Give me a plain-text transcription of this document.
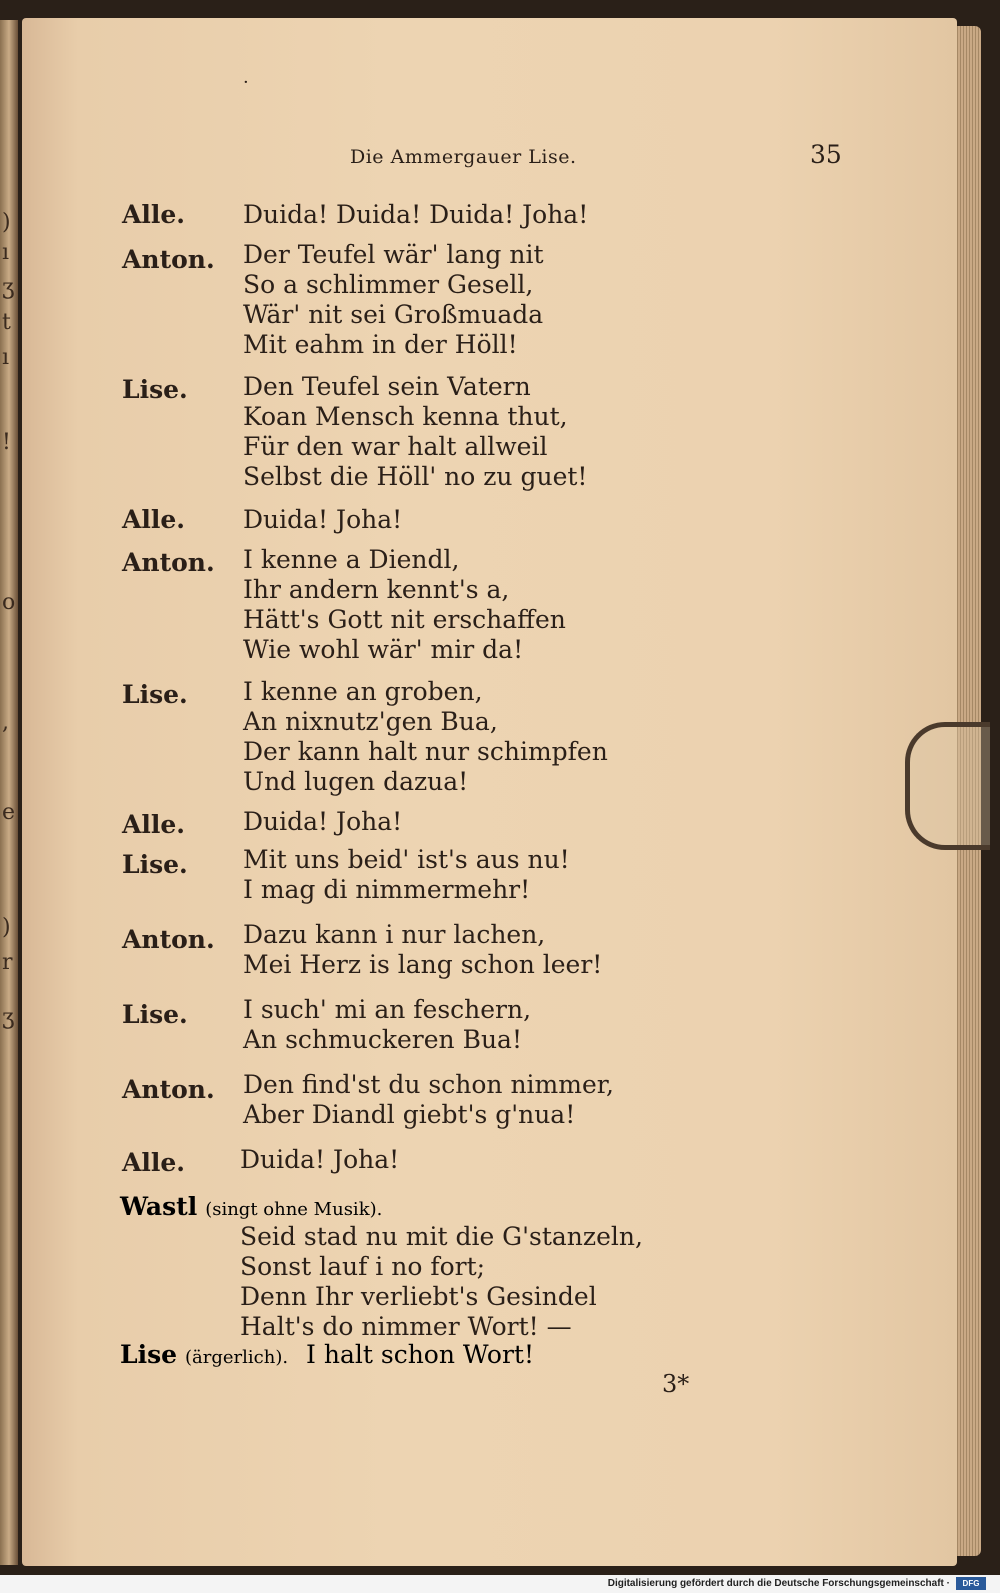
)
ı
ʒ
t
ı
!
o
,
e
)
r
ʒ
·
Die Ammergauer Lise.	35
Alle. Duida! Duida! Duida! Joha!
Anton. Der Teufel wär' lang nit
So a schlimmer Gesell,
Wär' nit sei Großmuada
Mit eahm in der Höll!
Lise. Den Teufel sein Vatern
Koan Mensch kenna thut,
Für den war halt allweil
Selbst die Höll' no zu guet!
Alle. Duida! Joha!
Anton. I kenne a Diendl,
Ihr andern kennt's a,
Hätt's Gott nit erschaffen
Wie wohl wär' mir da!
Lise. I kenne an groben,
An nixnutz'gen Bua,
Der kann halt nur schimpfen
Und lugen dazua!
Alle. Duida! Joha!
Lise. Mit uns beid' ist's aus nu!
I mag di nimmermehr!
Anton. Dazu kann i nur lachen,
Mei Herz is lang schon leer!
Lise. I such' mi an feschern,
An schmuckeren Bua!
Anton. Den find'st du schon nimmer,
Aber Diandl giebt's g'nua!
Alle. Duida! Joha!
Wastl (singt ohne Musik).
Seid stad nu mit die G'stanzeln,
Sonst lauf i no fort;
Denn Ihr verliebt's Gesindel
Halt's do nimmer Wort! —
Lise (ärgerlich). I halt schon Wort!
3*
Digitalisierung gefördert durch die Deutsche Forschungsgemeinschaft ·	DFG
